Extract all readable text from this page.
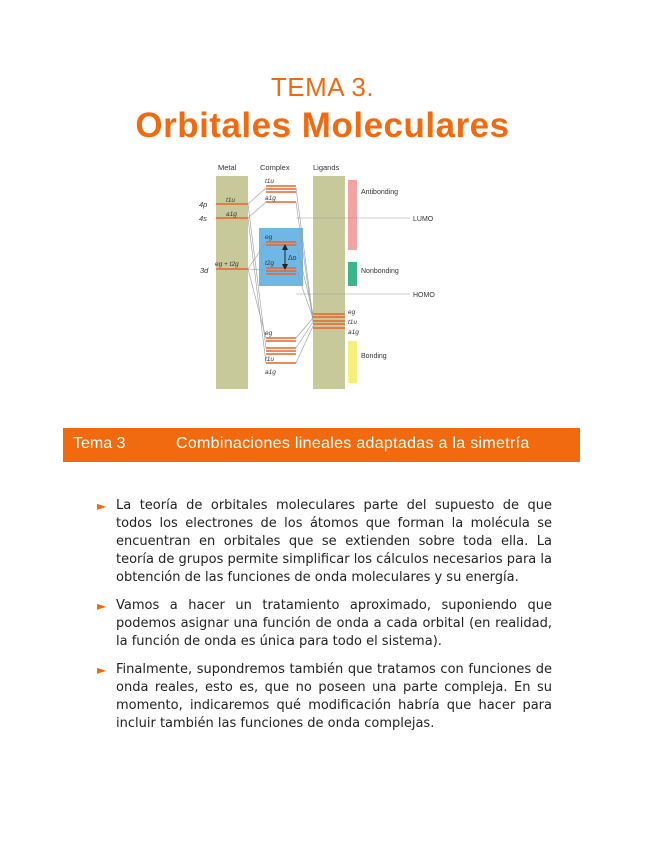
TEMA 3.
Orbitales Moleculares
Metal	Complex	Ligands
4p
4s
3d
t1u
a1g
eg + t2g
t1u
a1g
eg
t2g
Δo
eg
t1u
a1g
eg
t1u
a1g
Antibonding
Nonbonding
Bonding
LUMO
HOMO
Tema 3	Combinaciones lineales adaptadas a la simetría
► La teoría de orbitales moleculares parte del supuesto de que todos los electrones de los átomos que forman la molécula se encuentran en orbitales que se extienden sobre toda ella. La teoría de grupos permite simplificar los cálculos necesarios para la obtención de las funciones de onda moleculares y su energía.
► Vamos a hacer un tratamiento aproximado, suponiendo que podemos asignar una función de onda a cada orbital (en realidad, la función de onda es única para todo el sistema).
► Finalmente, supondremos también que tratamos con funciones de onda reales, esto es, que no poseen una parte compleja. En su momento, indicaremos qué modificación habría que hacer para incluir también las funciones de onda complejas.
